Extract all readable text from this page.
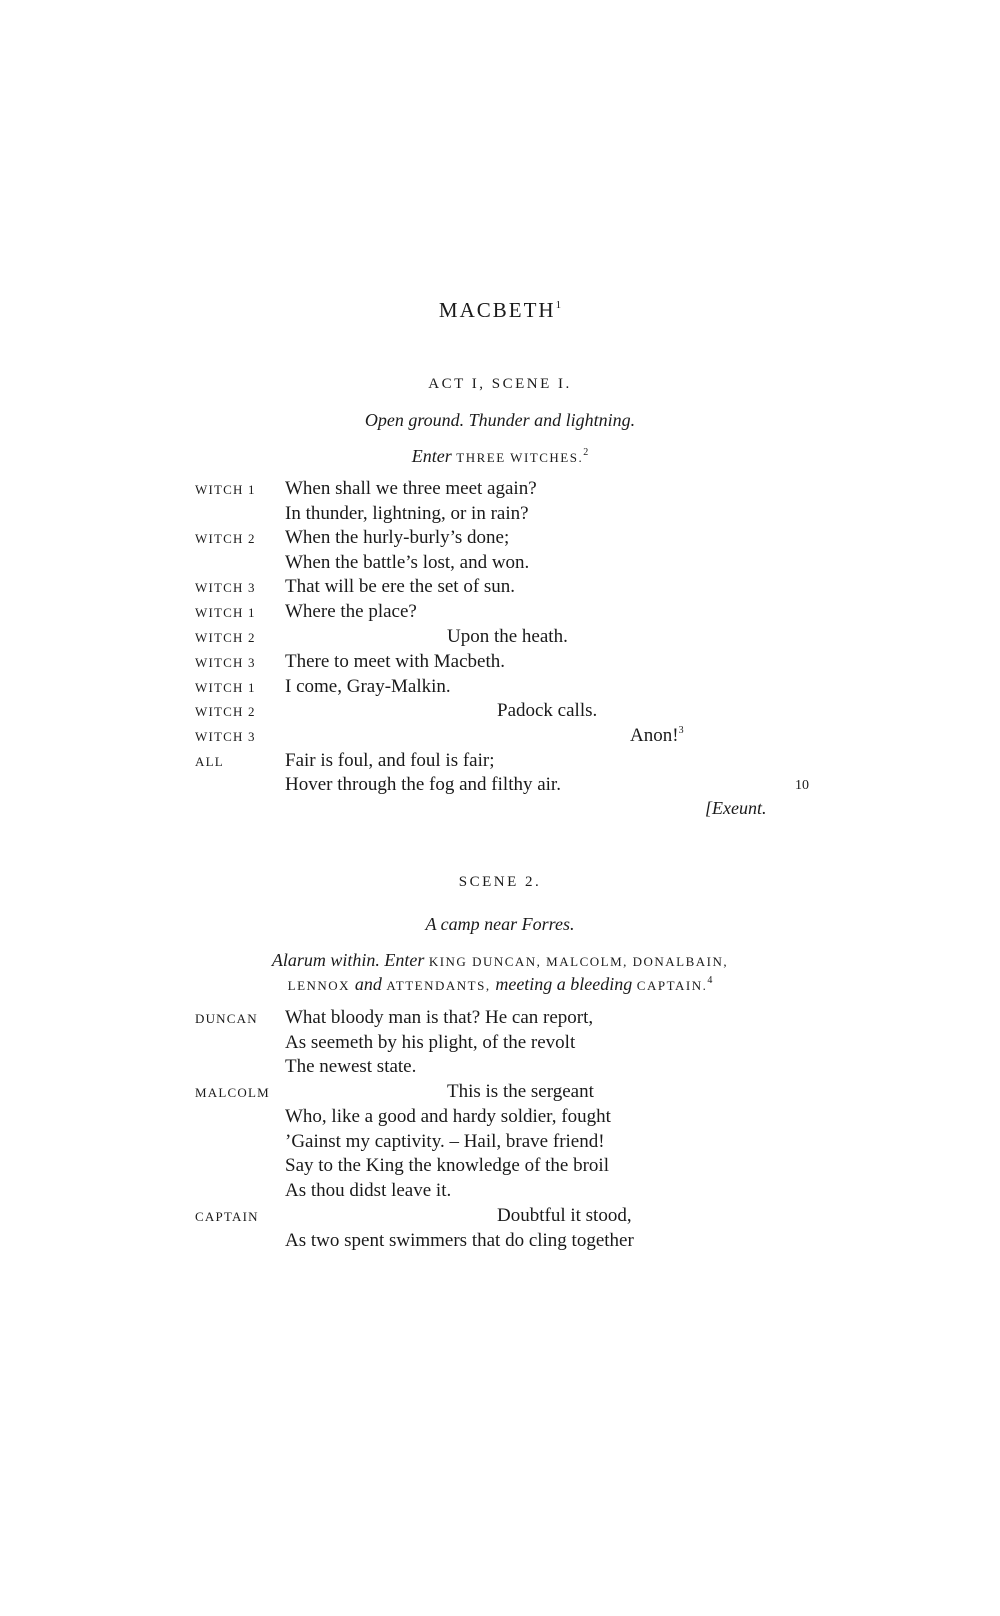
MACBETH$^1$
ACT I, SCENE I.
Open ground. Thunder and lightning.
Enter THREE WITCHES.$^2$
WITCH 1 When shall we three meet again?
In thunder, lightning, or in rain?
WITCH 2 When the hurly-burly’s done;
When the battle’s lost, and won.
WITCH 3 That will be ere the set of sun.
WITCH 1 Where the place?
WITCH 2	Upon the heath.
WITCH 3 There to meet with Macbeth.
WITCH 1 I come, Gray-Malkin.
WITCH 2	Padock calls.
WITCH 3	Anon!$^3$
ALL	Fair is foul, and foul is fair;
Hover through the fog and filthy air.	10
[Exeunt.
SCENE 2.
A camp near Forres.
Alarum within. Enter KING DUNCAN, MALCOLM, DONALBAIN,
LENNOX and ATTENDANTS, meeting a bleeding CAPTAIN.$^4$
DUNCAN What bloody man is that? He can report,
As seemeth by his plight, of the revolt
The newest state.
MALCOLM	This is the sergeant
Who, like a good and hardy soldier, fought
’Gainst my captivity. – Hail, brave friend!
Say to the King the knowledge of the broil
As thou didst leave it.
CAPTAIN	Doubtful it stood,
As two spent swimmers that do cling together
